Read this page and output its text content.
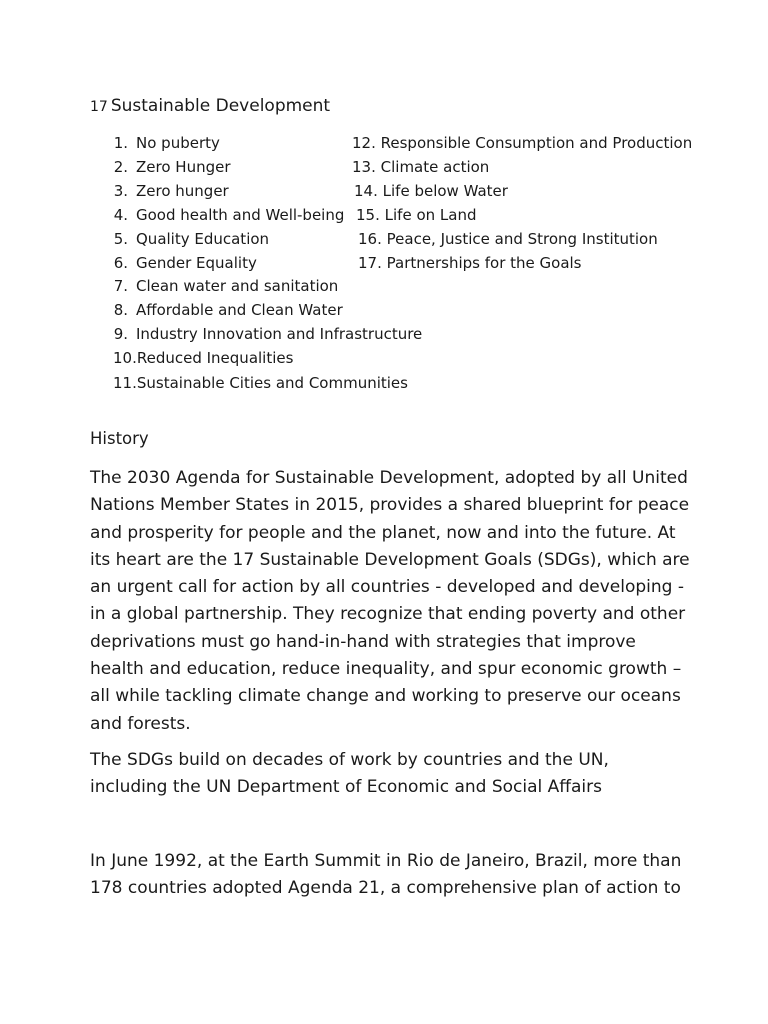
17 Sustainable Development
1. No puberty
2. Zero Hunger
3. Zero hunger
4. Good health and Well-being
5. Quality Education
6. Gender Equality
7. Clean water and sanitation
8. Affordable and Clean Water
9. Industry Innovation and Infrastructure
10.Reduced Inequalities
11.Sustainable Cities and Communities
12. Responsible Consumption and Production
13. Climate action
14. Life below Water
15. Life on Land
16. Peace, Justice and Strong Institution
17. Partnerships for the Goals
History
The 2030 Agenda for Sustainable Development, adopted by all United Nations Member States in 2015, provides a shared blueprint for peace and prosperity for people and the planet, now and into the future. At its heart are the 17 Sustainable Development Goals (SDGs), which are an urgent call for action by all countries - developed and developing - in a global partnership. They recognize that ending poverty and other deprivations must go hand-in-hand with strategies that improve health and education, reduce inequality, and spur economic growth – all while tackling climate change and working to preserve our oceans and forests.
The SDGs build on decades of work by countries and the UN, including the UN Department of Economic and Social Affairs
In June 1992, at the Earth Summit in Rio de Janeiro, Brazil, more than 178 countries adopted Agenda 21, a comprehensive plan of action to
